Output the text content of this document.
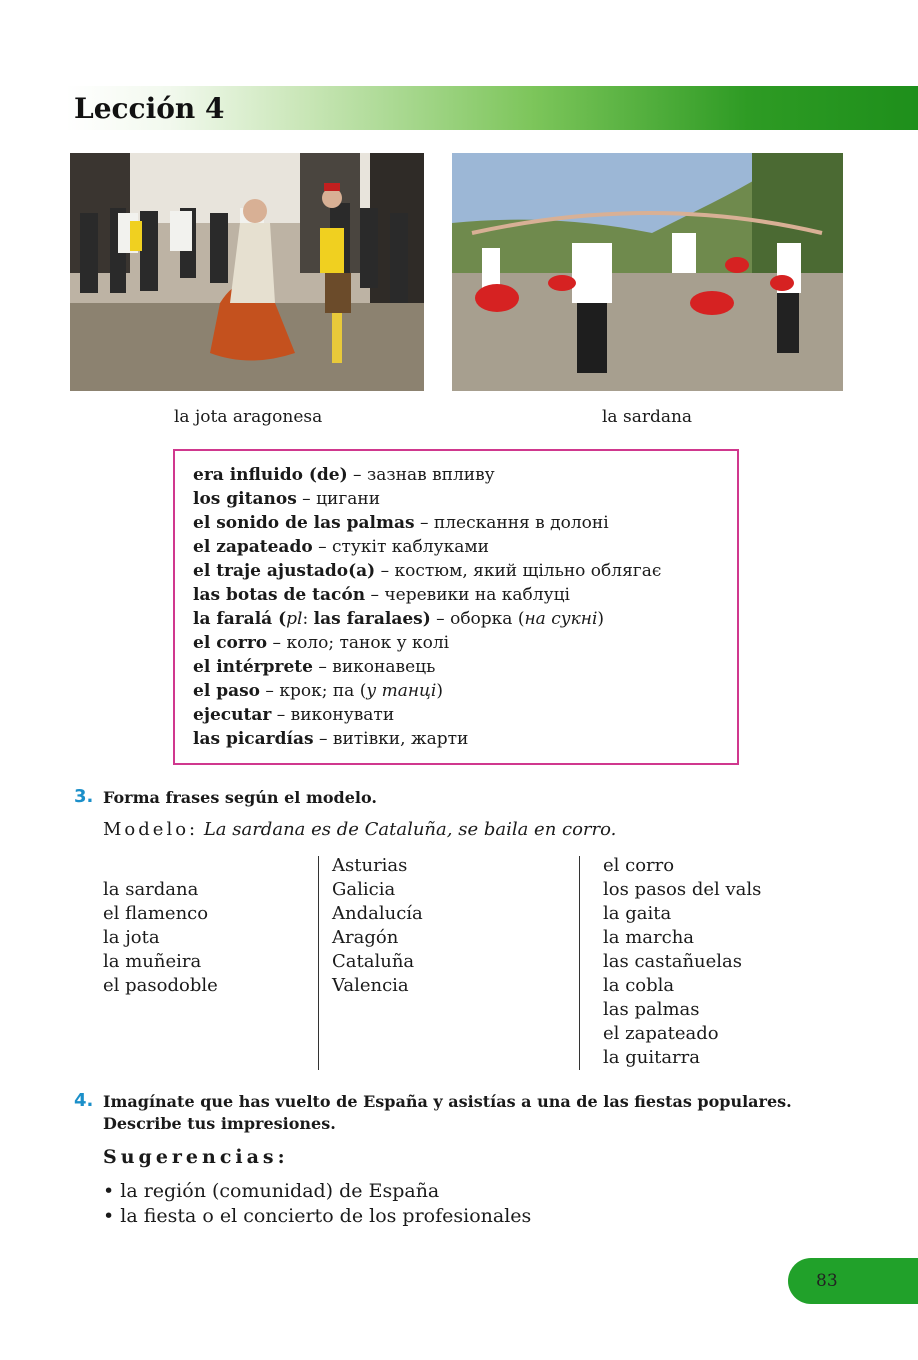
Lección 4
la jota aragonesa	la sardana
era influido (de) – зазнав впливу
los gitanos – цигани
el sonido de las palmas – плескання в долоні
el zapateado – стукіт каблуками
el traje ajustado(a) – костюм, який щільно облягає
las botas de tacón – черевики на каблуці
la faralá (pl: las faralaes) – оборка (на сукні)
el corro – коло; танок у колі
el intérprete – виконавець
el paso – крок; па (у танці)
ejecutar – виконувати
las picardías – витівки, жарти
3. Forma frases según el modelo.
Modelo: La sardana es de Cataluña, se baila en corro.
la sardana
el flamenco
la jota
la muñeira
el pasodoble
Asturias
Galicia
Andalucía
Aragón
Cataluña
Valencia
el corro
los pasos del vals
la gaita
la marcha
las castañuelas
la cobla
las palmas
el zapateado
la guitarra
4. Imagínate que has vuelto de España y asistías a una de las fiestas populares.
Describe tus impresiones.
Sugerencias:
• la región (comunidad) de España
• la fiesta o el concierto de los profesionales
83
